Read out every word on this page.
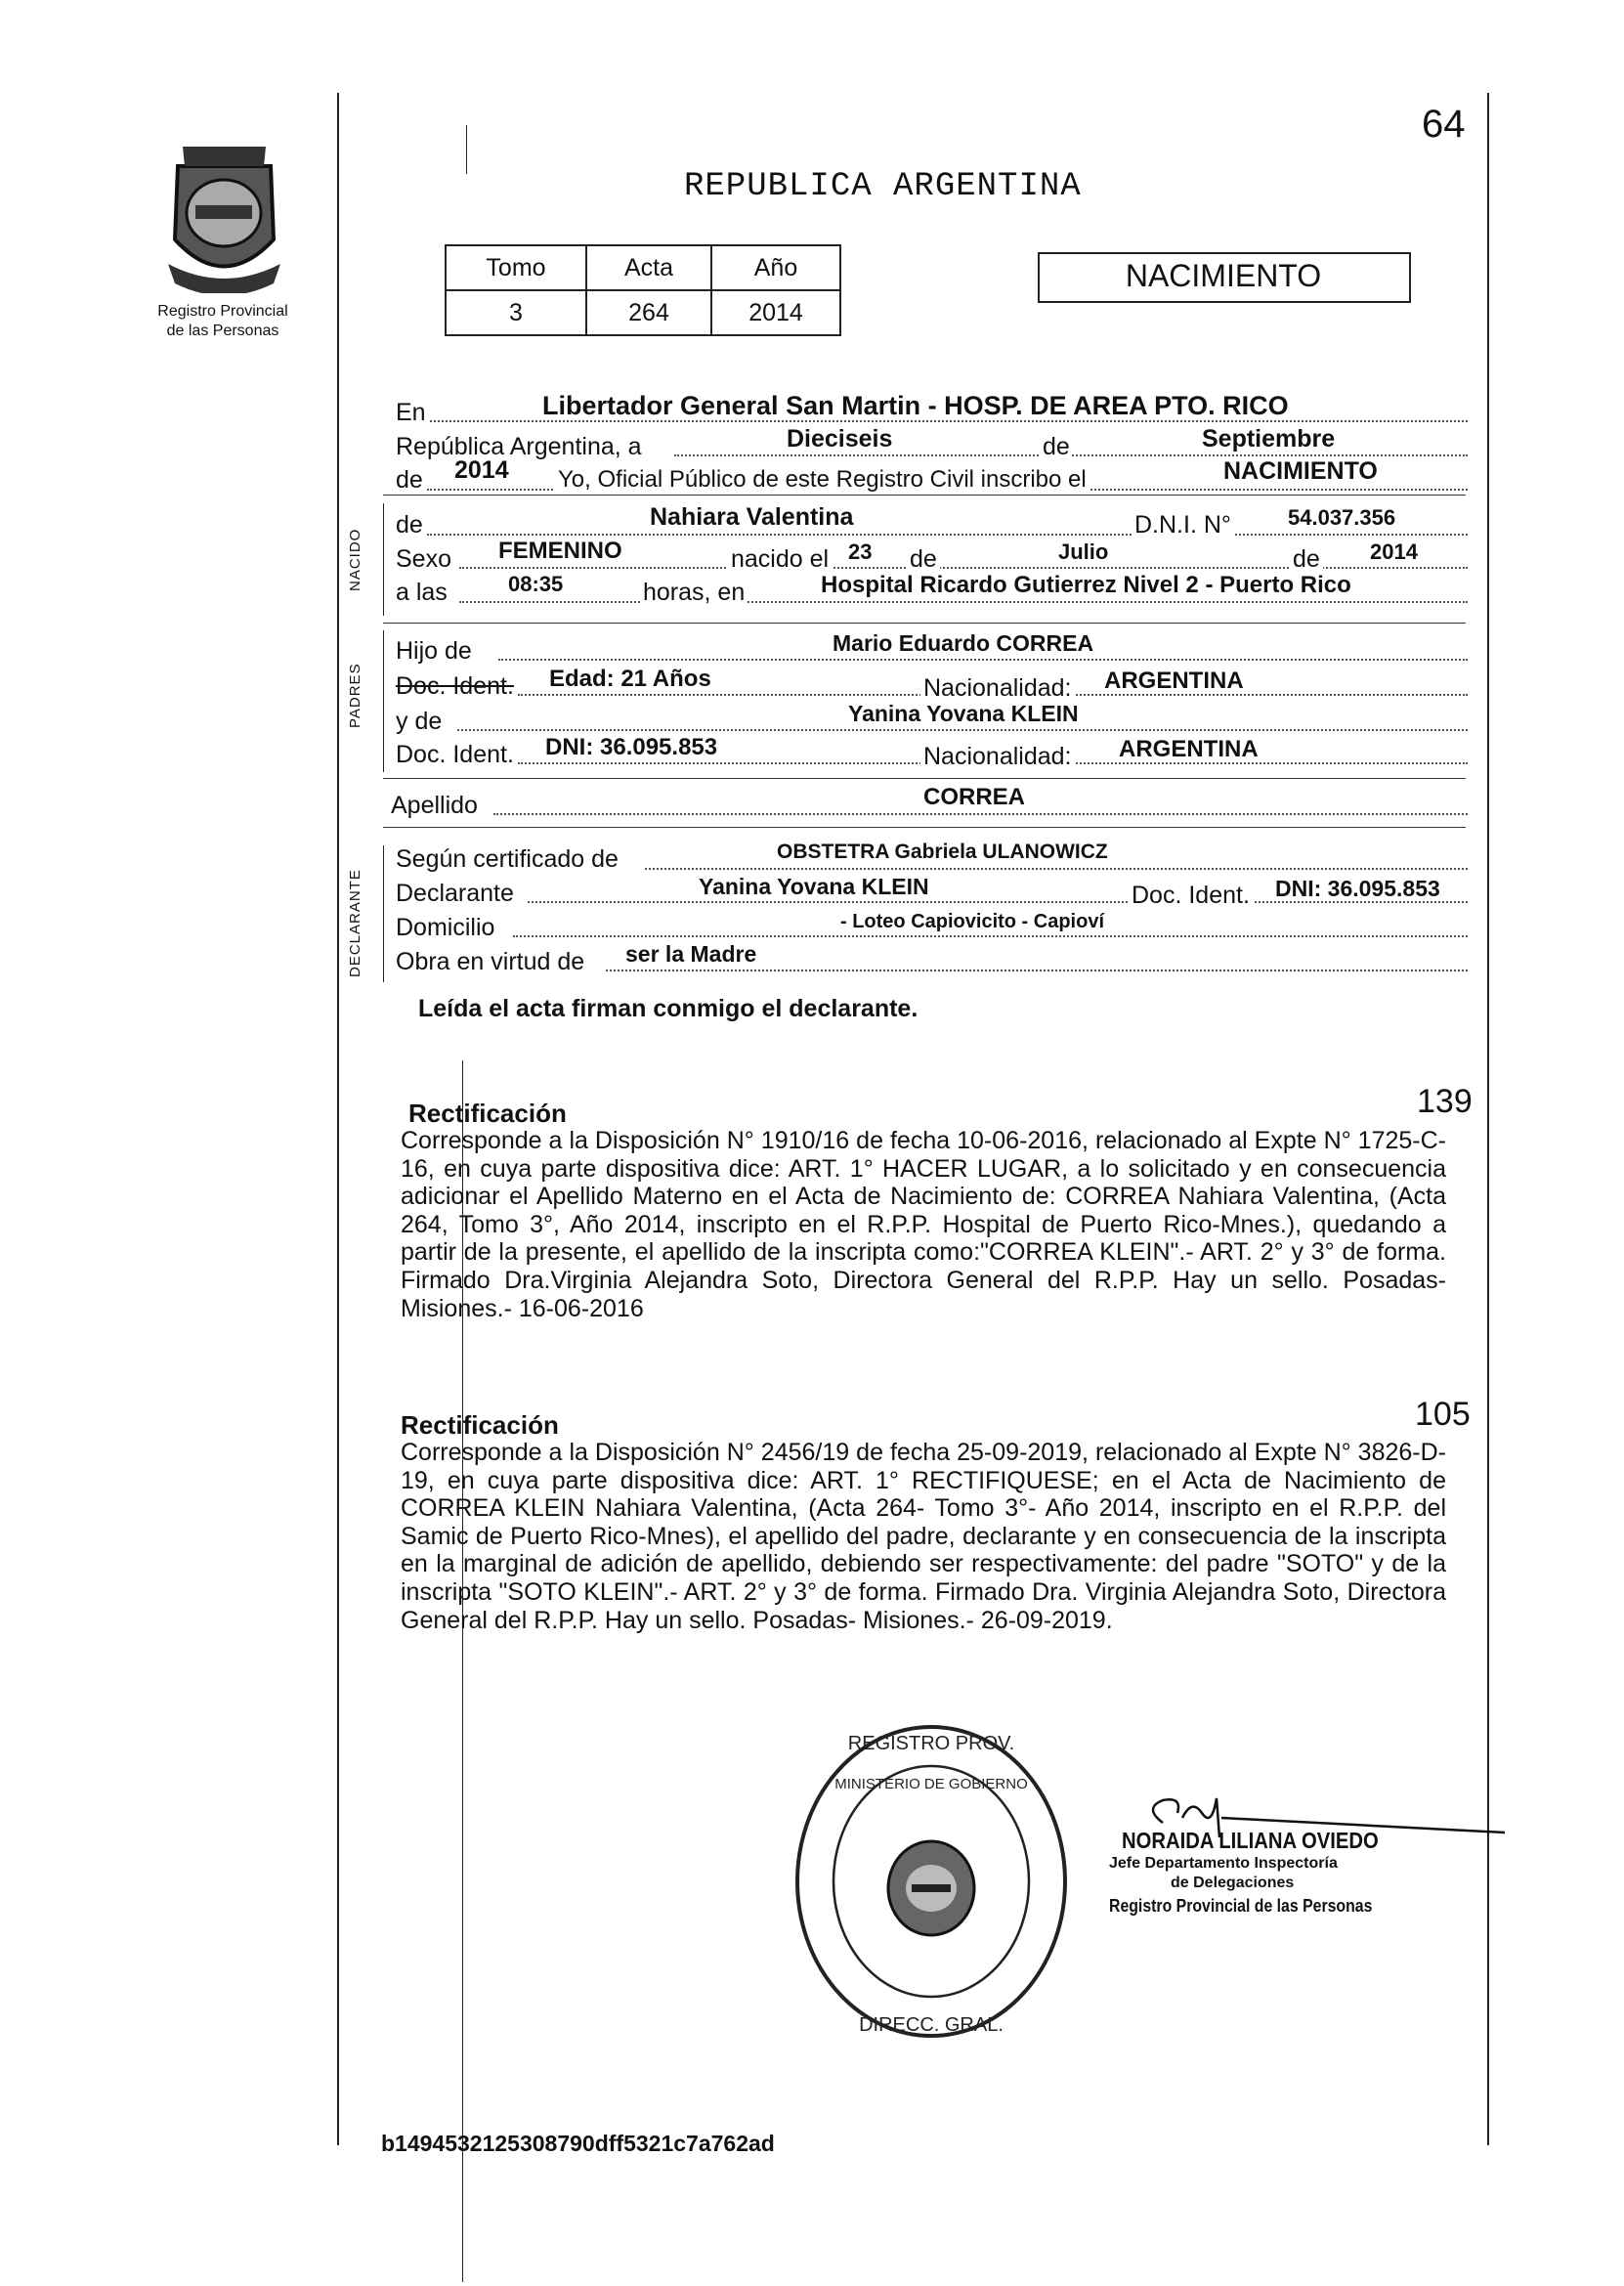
64
Registro Provincial
de las Personas
REPUBLICA ARGENTINA
Tomo	Acta	Año
3	264	2014
NACIMIENTO
NACIDO
PADRES
DECLARANTE
En	Libertador General San Martin - HOSP. DE AREA PTO. RICO
República Argentina, a	Dieciseis	de	Septiembre
de 2014 Yo, Oficial Público de este Registro Civil inscribo el	NACIMIENTO
de	Nahiara Valentina	D.N.I. N°	54.037.356
Sexo FEMENINO	nacido el 23 de	Julio	de 2014
a las	08:35	horas, en	Hospital Ricardo Gutierrez Nivel 2 - Puerto Rico
Hijo de	Mario Eduardo CORREA
Doc. Ident. Edad: 21 Años	Nacionalidad: ARGENTINA
y de	Yanina Yovana KLEIN
Doc. Ident. DNI: 36.095.853	Nacionalidad: ARGENTINA
Apellido	CORREA
Según certificado de	OBSTETRA Gabriela ULANOWICZ
Declarante	Yanina Yovana KLEIN	Doc. Ident. DNI: 36.095.853
Domicilio	- Loteo Capiovicito - Capioví
Obra en virtud de ser la Madre
Leída el acta firman conmigo el declarante.
Rectificación	139
Corresponde a la Disposición N° 1910/16 de fecha 10-06-2016, relacionado al Expte N° 1725-C-16, en cuya parte dispositiva dice: ART. 1° HACER LUGAR, a lo solicitado y en consecuencia adicionar el Apellido Materno en el Acta de Nacimiento de: CORREA Nahiara Valentina, (Acta 264, Tomo 3°, Año 2014, inscripto en el R.P.P. Hospital de Puerto Rico-Mnes.), quedando a partir de la presente, el apellido de la inscripta como:"CORREA KLEIN".- ART. 2° y 3° de forma. Firmado Dra.Virginia Alejandra Soto, Directora General del R.P.P. Hay un sello. Posadas-Misiones.- 16-06-2016
Rectificación	105
Corresponde a la Disposición N° 2456/19 de fecha 25-09-2019, relacionado al Expte N° 3826-D-19, en cuya parte dispositiva dice: ART. 1° RECTIFIQUESE; en el Acta de Nacimiento de CORREA KLEIN Nahiara Valentina, (Acta 264- Tomo 3°- Año 2014, inscripto en el R.P.P. del Samic de Puerto Rico-Mnes), el apellido del padre, declarante y en consecuencia de la inscripta en la marginal de adición de apellido, debiendo ser respectivamente: del padre "SOTO" y de la inscripta "SOTO KLEIN".- ART. 2° y 3° de forma. Firmado Dra. Virginia Alejandra Soto, Directora General del R.P.P. Hay un sello. Posadas- Misiones.- 26-09-2019.
REGISTRO PROV.
DIRECC. GRAL.
MINISTERIO DE GOBIERNO
NORAIDA LILIANA OVIEDO
Jefe Departamento Inspectoría
de Delegaciones
Registro Provincial de las Personas
b1494532125308790dff5321c7a762ad
